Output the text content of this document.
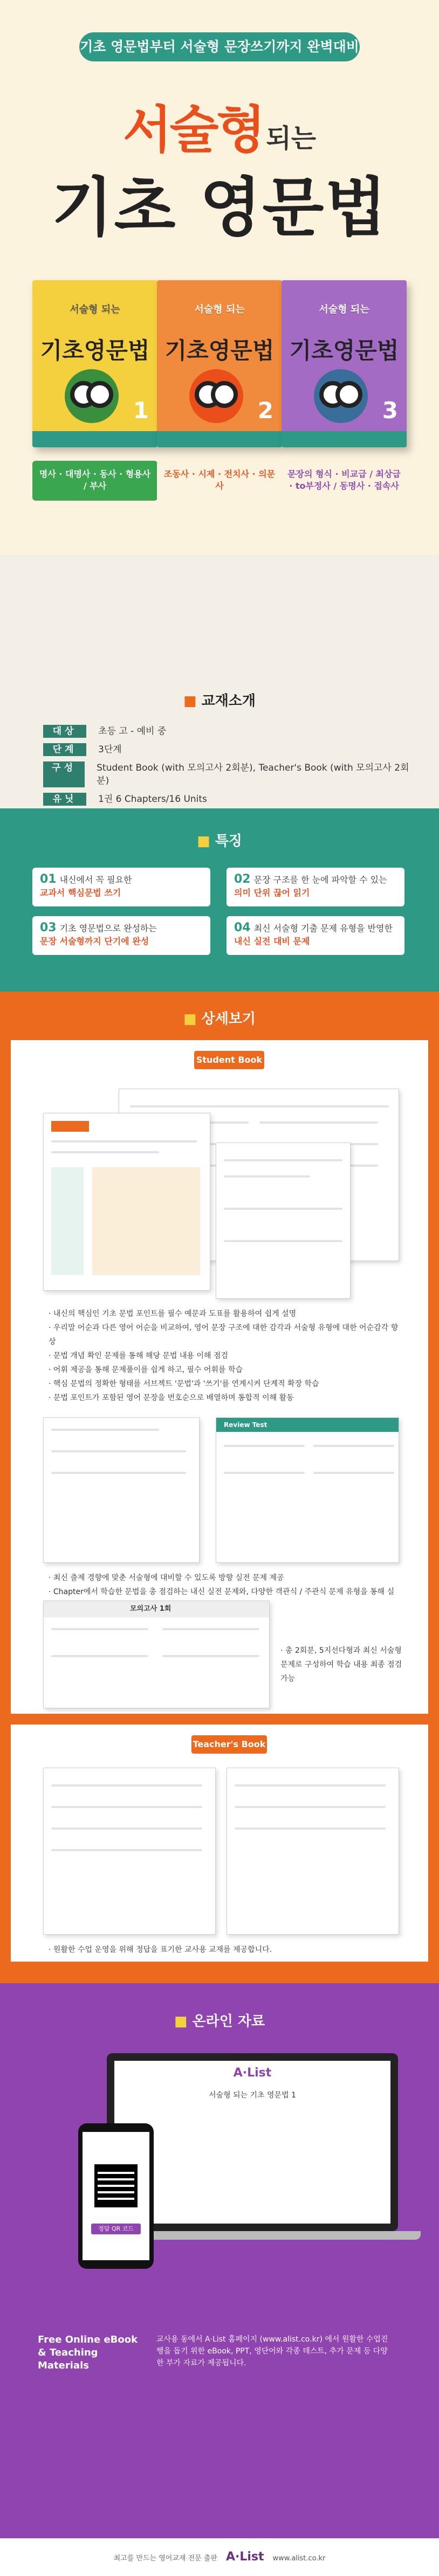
기초 영문법부터 서술형 문장쓰기까지 완벽대비
서술형 되는
기초 영문법
서술형 되는
기초영문법
1
서술형 되는
기초영문법
2
서술형 되는
기초영문법
3
명사 · 대명사 · 동사 · 형용사 / 부사
조동사 · 시제 · 전치사 · 의문사
문장의 형식 · 비교급 / 최상급 · to부정사 / 동명사 · 접속사
■ 교재소개
대상	초등 고 - 예비 중
단계	3단계
구성	Student Book (with 모의고사 2회분), Teacher's Book (with 모의고사 2회분)
유닛	1권 6 Chapters/16 Units
■ 특징
01 내신에서 꼭 필요한
교과서 핵심문법 쓰기
02 문장 구조를 한 눈에 파악할 수 있는
의미 단위 끊어 읽기
03 기초 영문법으로 완성하는
문장 서술형까지 단기에 완성
04 최신 서술형 기출 문제 유형을 반영한
내신 실전 대비 문제
■ 상세보기
Student Book
· 내신의 핵심인 기초 문법 포인트를 필수 예문과 도표를 활용하여 쉽게 설명
· 우리말 어순과 다른 영어 어순을 비교하여, 영어 문장 구조에 대한 감각과 서술형 유형에 대한 어순감각 향상
· 문법 개념 확인 문제를 통해 해당 문법 내용 이해 점검
· 어휘 제공을 통해 문제풀이를 쉽게 하고, 필수 어휘를 학습
· 핵심 문법의 정확한 형태를 서브젝트 '문법'과 '쓰기'를 연계시켜 단계적 확장 학습
· 문법 포인트가 포함된 영어 문장을 번호순으로 배열하며 통합적 이해 활동
Review Test
· 최신 출제 경향에 맞춘 서술형에 대비할 수 있도록 방향 실전 문제 제공
· Chapter에서 학습한 문법을 총 점검하는 내신 실전 문제와, 다양한 객관식 / 주관식 문제 유형을 통해 실
모의고사 1회
· 총 2회분, 5지선다형과 최신 서술형 문제로 구성하여 학습 내용 최종 점검 가능
Teacher's Book
· 원활한 수업 운영을 위해 정답을 표기한 교사용 교재를 제공합니다.
■ 온라인 자료
A·List
서술형 되는 기초 영문법 1
정답 QR 코드
Free Online eBook & Teaching Materials
교사용 동에서 A·List 홈페이지 (www.alist.co.kr) 에서 원활한 수업진행을 돕기 위한 eBook, PPT, 영단어와 각종 테스트, 추가 문제 등 다양한 부가 자료가 제공됩니다.
최고를 만드는 영어교재 전문 출판 A·List www.alist.co.kr
